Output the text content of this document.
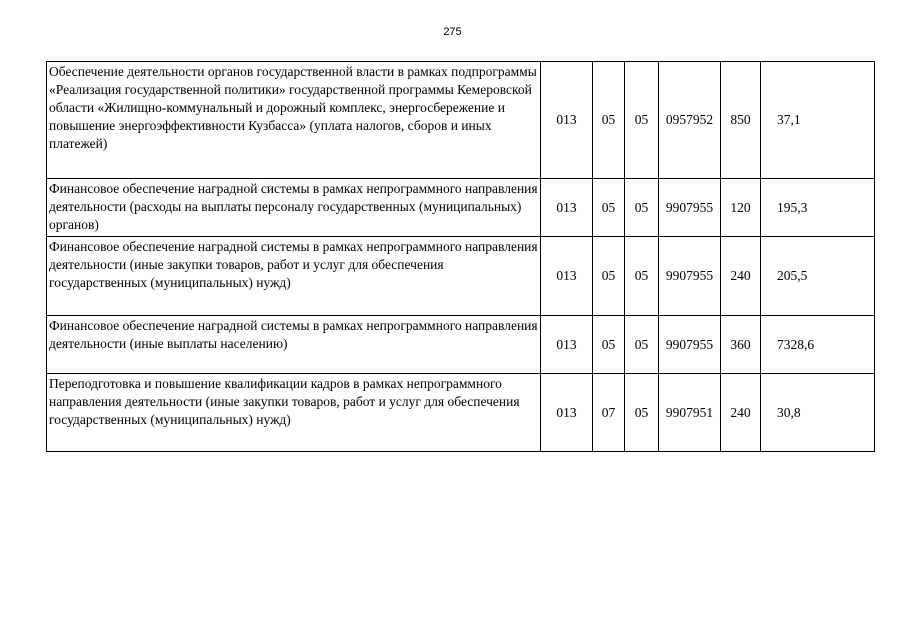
275
Обеспечение деятельности органов государственной власти в рамках подпрограммы «Реализация государственной политики» государственной программы Кемеровской области «Жилищно-коммунальный и дорожный комплекс, энергосбережение и повышение энергоэффективности Кузбасса» (уплата налогов, сборов и иных платежей)	013	05	05	0957952	850	37,1
Финансовое обеспечение наградной системы в рамках непрограммного направления деятельности (расходы на выплаты персоналу государственных (муниципальных) органов)	013	05	05	9907955	120	195,3
Финансовое обеспечение наградной системы в рамках непрограммного направления деятельности (иные закупки товаров, работ и услуг для обеспечения государственных (муниципальных) нужд)	013	05	05	9907955	240	205,5
Финансовое обеспечение наградной системы в рамках непрограммного направления деятельности (иные выплаты населению)	013	05	05	9907955	360	7328,6
Переподготовка и повышение квалификации кадров в рамках непрограммного направления деятельности (иные закупки товаров, работ и услуг для обеспечения государственных (муниципальных) нужд)	013	07	05	9907951	240	30,8
